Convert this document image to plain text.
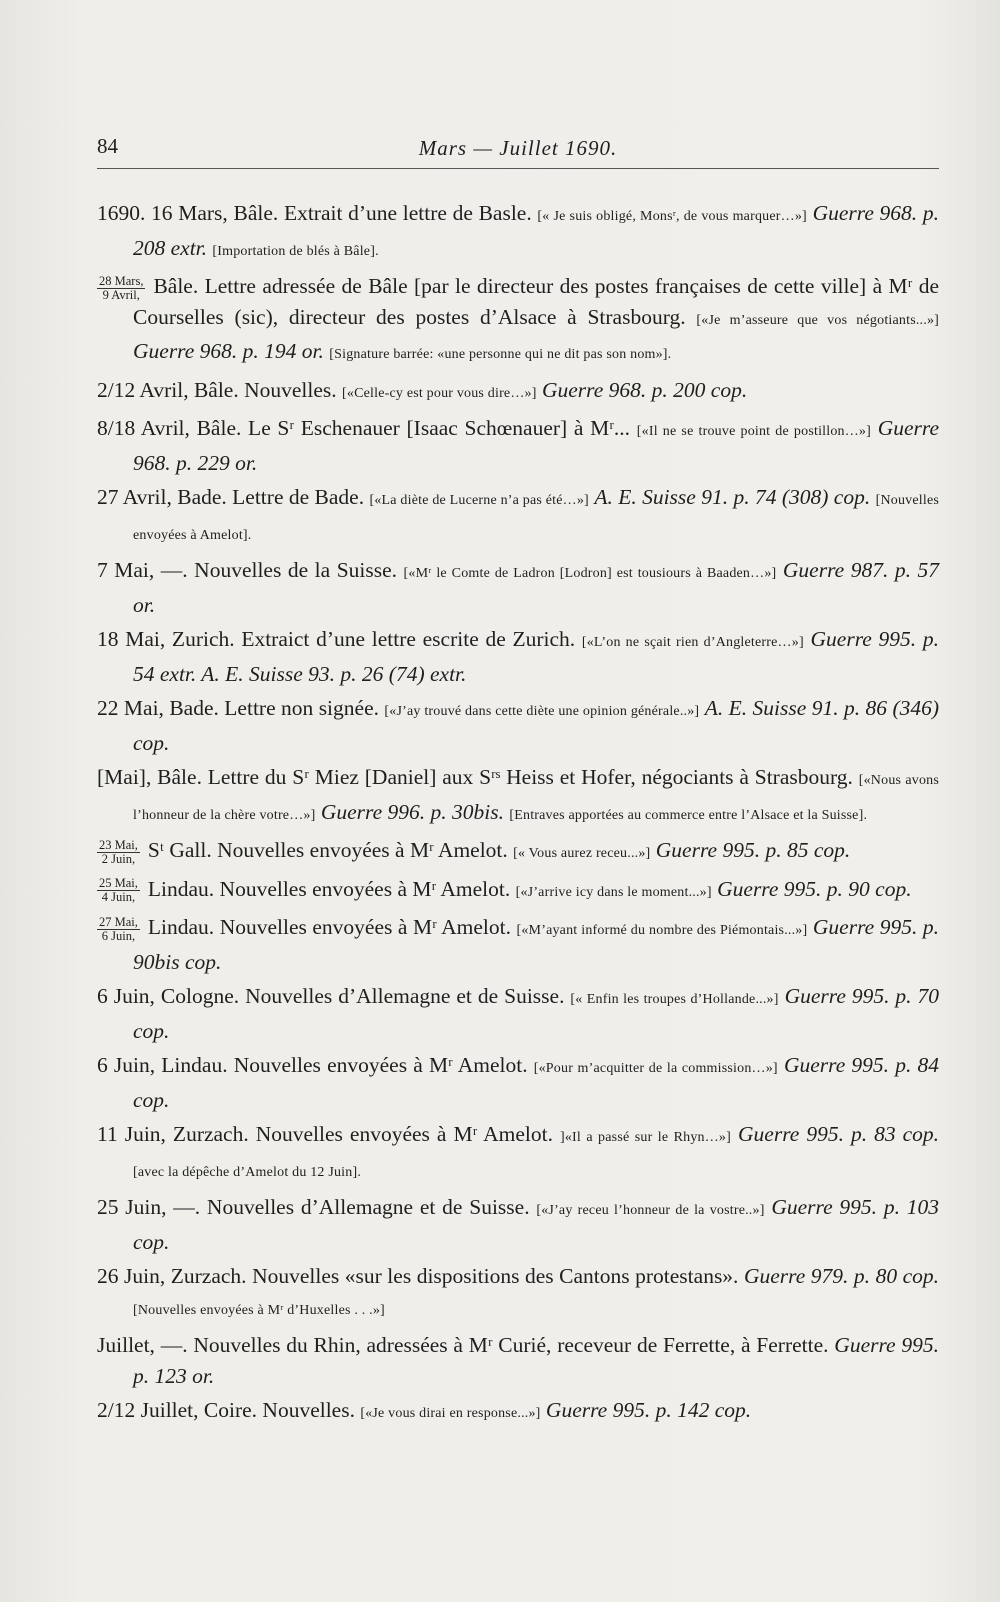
84	Mars — Juillet 1690.

1690. 16 Mars, Bâle. Extrait d’une lettre de Basle. [« Je suis obligé, Monsʳ, de vous marquer…»] Guerre 968. p. 208 extr. [Importation de blés à Bâle].

$\frac{\text{28 Mars,}}{\text{9 Avril,}}$ Bâle. Lettre adressée de Bâle [par le directeur des postes françaises de cette ville] à Mʳ de Courselles (sic), directeur des postes d’Alsace à Strasbourg. [«Je m’asseure que vos négotiants...»] Guerre 968. p. 194 or. [Signature barrée: «une personne qui ne dit pas son nom»].

2/12 Avril, Bâle. Nouvelles. [«Celle-cy est pour vous dire…»] Guerre 968. p. 200 cop.

8/18 Avril, Bâle. Le Sʳ Eschenauer [Isaac Schœnauer] à Mʳ... [«Il ne se trouve point de postillon…»] Guerre 968. p. 229 or.

27 Avril, Bade. Lettre de Bade. [«La diète de Lucerne n’a pas été…»] A. E. Suisse 91. p. 74 (308) cop. [Nouvelles envoyées à Amelot].

7 Mai, —. Nouvelles de la Suisse. [«Mʳ le Comte de Ladron [Lodron] est tousiours à Baaden…»] Guerre 987. p. 57 or.

18 Mai, Zurich. Extraict d’une lettre escrite de Zurich. [«L’on ne sçait rien d’Angleterre…»] Guerre 995. p. 54 extr. A. E. Suisse 93. p. 26 (74) extr.

22 Mai, Bade. Lettre non signée. [«J’ay trouvé dans cette diète une opinion générale..»] A. E. Suisse 91. p. 86 (346) cop.

[Mai], Bâle. Lettre du Sʳ Miez [Daniel] aux Sʳˢ Heiss et Hofer, négociants à Strasbourg. [«Nous avons l’honneur de la chère votre…»] Guerre 996. p. 30bis. [Entraves apportées au commerce entre l’Alsace et la Suisse].

$\frac{\text{23 Mai,}}{\text{2 Juin,}}$ Sᵗ Gall. Nouvelles envoyées à Mʳ Amelot. [« Vous aurez receu...»] Guerre 995. p. 85 cop.

$\frac{\text{25 Mai,}}{\text{4 Juin,}}$ Lindau. Nouvelles envoyées à Mʳ Amelot. [«J’arrive icy dans le moment...»] Guerre 995. p. 90 cop.

$\frac{\text{27 Mai,}}{\text{6 Juin,}}$ Lindau. Nouvelles envoyées à Mʳ Amelot. [«M’ayant informé du nombre des Piémontais...»] Guerre 995. p. 90bis cop.

6 Juin, Cologne. Nouvelles d’Allemagne et de Suisse. [« Enfin les troupes d’Hollande...»] Guerre 995. p. 70 cop.

6 Juin, Lindau. Nouvelles envoyées à Mʳ Amelot. [«Pour m’acquitter de la commission…»] Guerre 995. p. 84 cop.

11 Juin, Zurzach. Nouvelles envoyées à Mʳ Amelot. ]«Il a passé sur le Rhyn…»] Guerre 995. p. 83 cop. [avec la dépêche d’Amelot du 12 Juin].

25 Juin, —. Nouvelles d’Allemagne et de Suisse. [«J’ay receu l’honneur de la vostre..»] Guerre 995. p. 103 cop.

26 Juin, Zurzach. Nouvelles «sur les dispositions des Cantons protestans». Guerre 979. p. 80 cop. [Nouvelles envoyées à Mʳ d’Huxelles . . .»]

Juillet, —. Nouvelles du Rhin, adressées à Mʳ Curié, receveur de Ferrette, à Ferrette. Guerre 995. p. 123 or.

2/12 Juillet, Coire. Nouvelles. [«Je vous dirai en response...»] Guerre 995. p. 142 cop.
